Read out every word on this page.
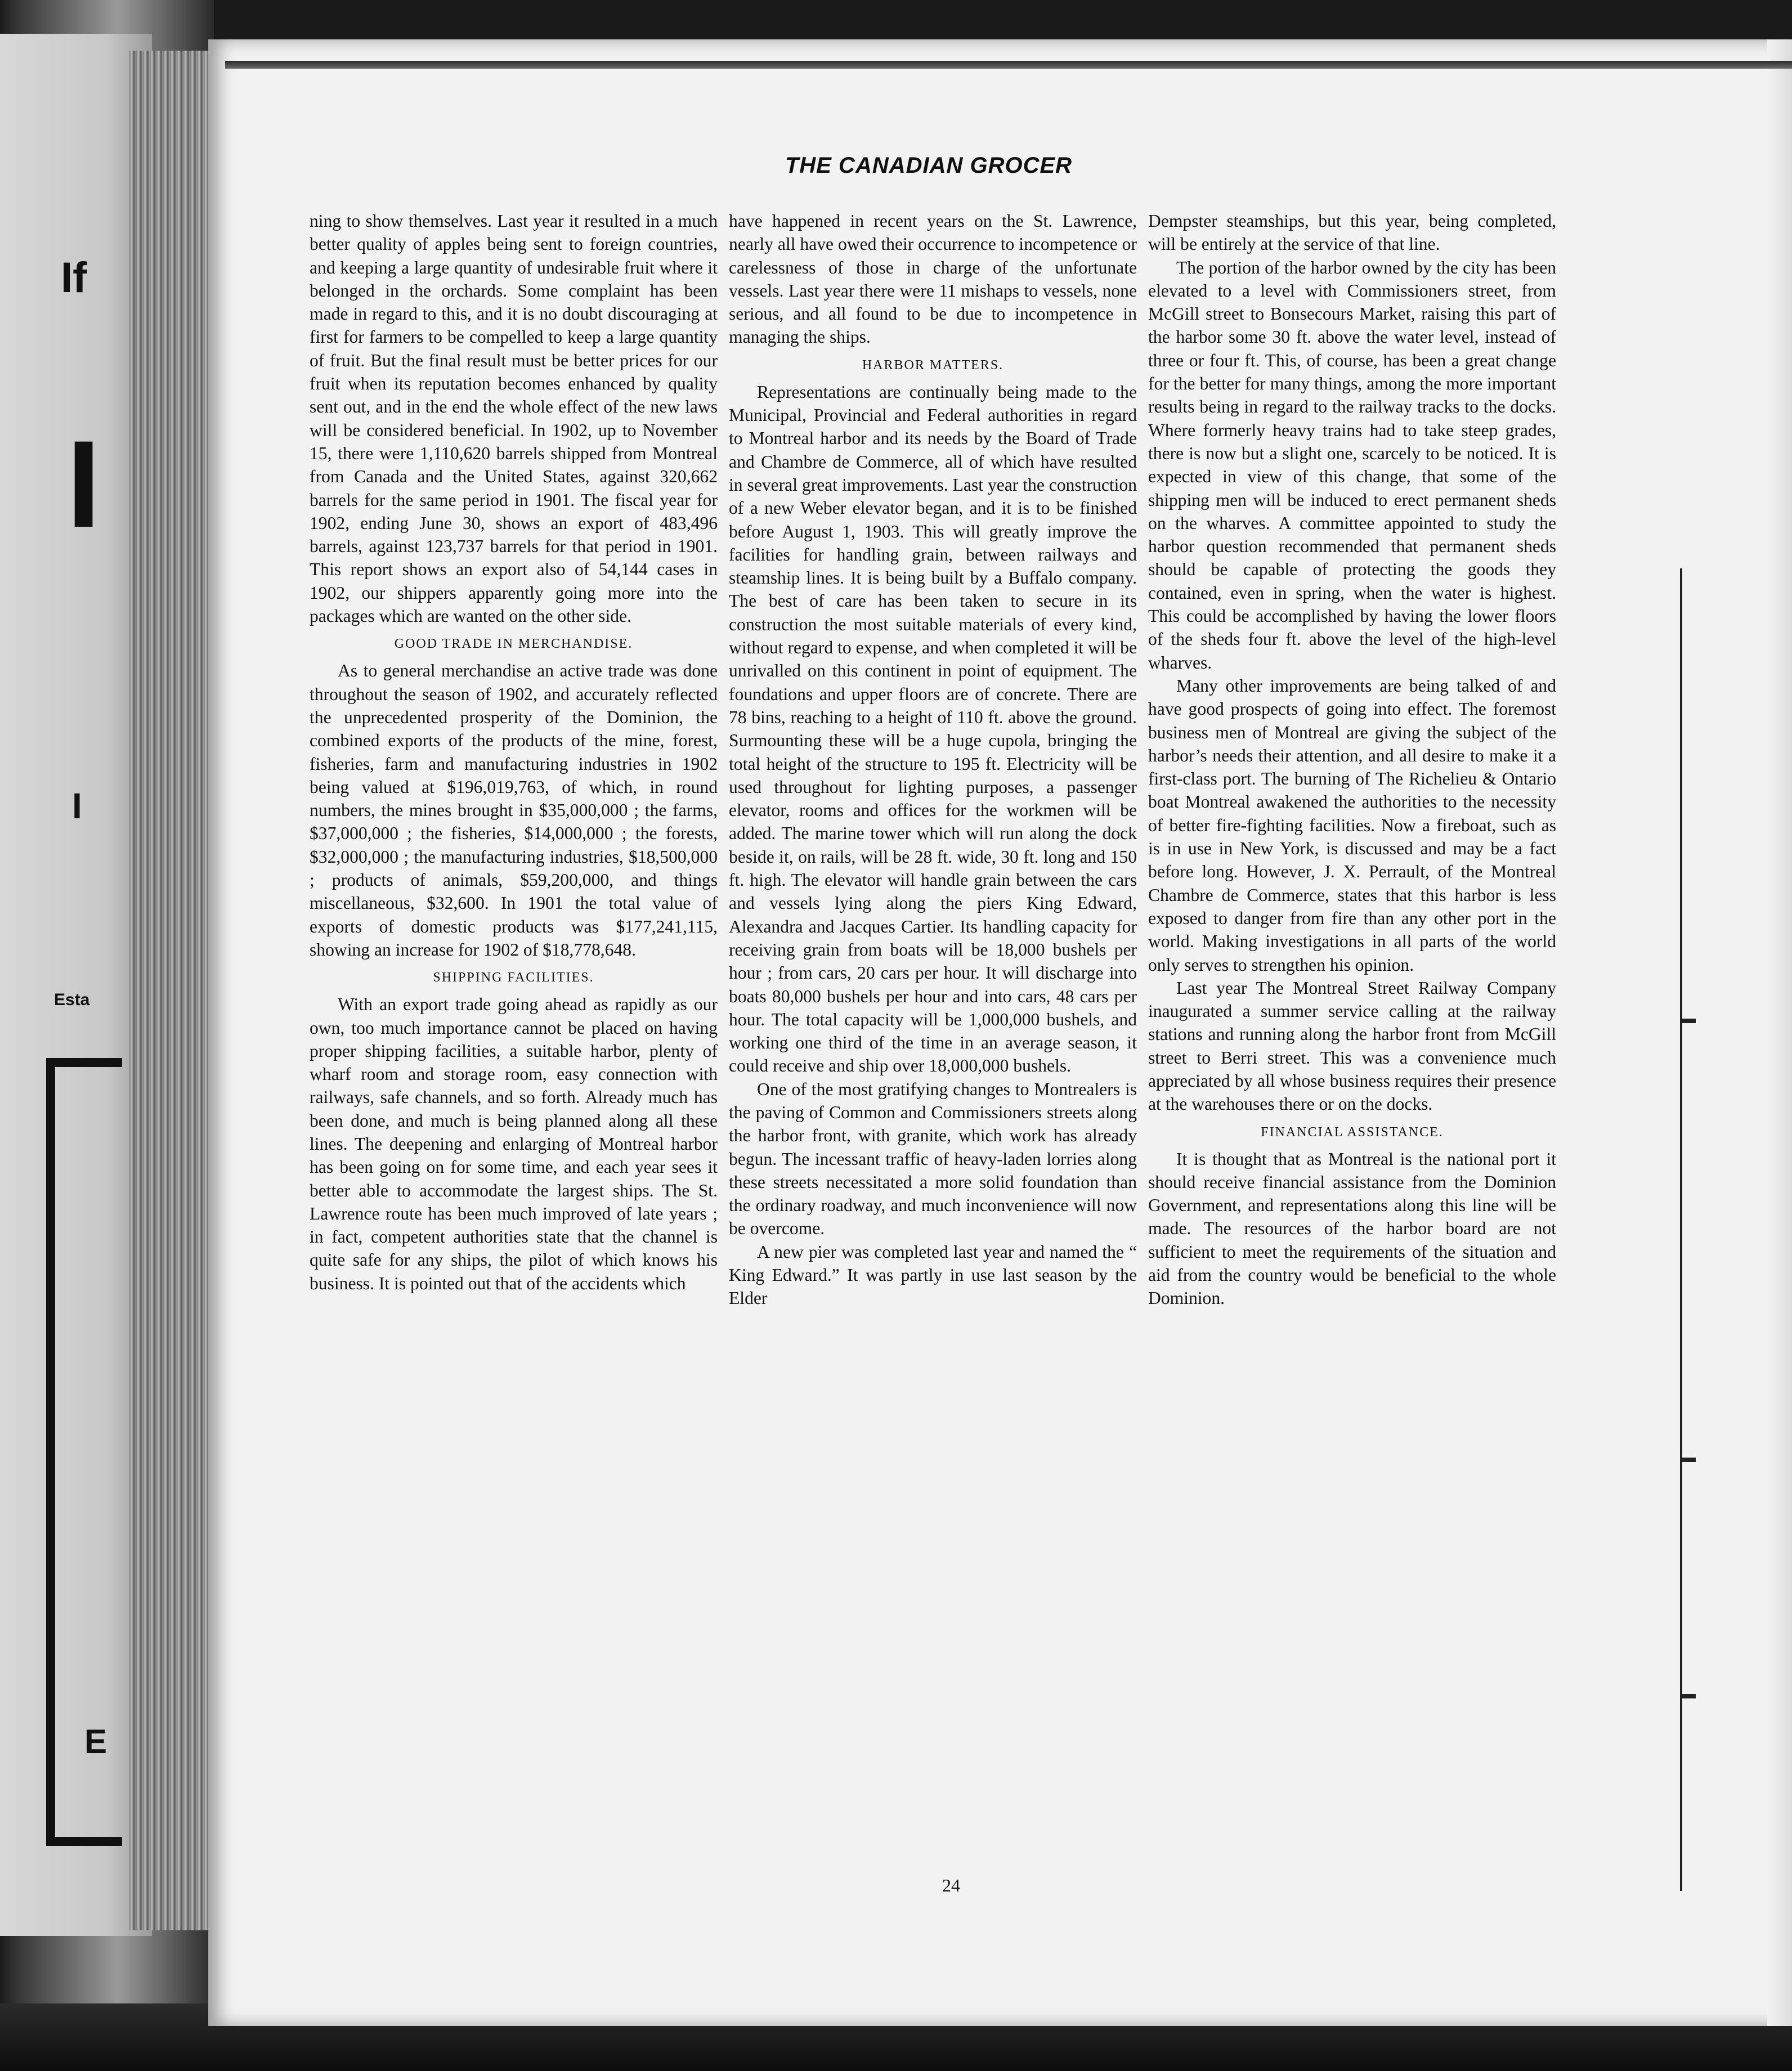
If
I
I
Esta
E
THE CANADIAN GROCER

ning to show themselves. Last year it resulted in a much better quality of apples being sent to foreign countries, and keeping a large quantity of undesirable fruit where it belonged in the orchards. Some complaint has been made in regard to this, and it is no doubt discouraging at first for farmers to be compelled to keep a large quantity of fruit. But the final result must be better prices for our fruit when its reputation becomes enhanced by quality sent out, and in the end the whole effect of the new laws will be considered beneficial. In 1902, up to November 15, there were 1,110,620 barrels shipped from Montreal from Canada and the United States, against 320,662 barrels for the same period in 1901. The fiscal year for 1902, ending June 30, shows an export of 483,496 barrels, against 123,737 barrels for that period in 1901. This report shows an export also of 54,144 cases in 1902, our shippers apparently going more into the packages which are wanted on the other side.

GOOD TRADE IN MERCHANDISE.

As to general merchandise an active trade was done throughout the season of 1902, and accurately reflected the unprecedented prosperity of the Dominion, the combined exports of the products of the mine, forest, fisheries, farm and manufacturing industries in 1902 being valued at $196,019,763, of which, in round numbers, the mines brought in $35,000,000 ; the farms, $37,000,000 ; the fisheries, $14,000,000 ; the forests, $32,000,000 ; the manufacturing industries, $18,500,000 ; products of animals, $59,200,000, and things miscellaneous, $32,600. In 1901 the total value of exports of domestic products was $177,241,115, showing an increase for 1902 of $18,778,648.

SHIPPING FACILITIES.

With an export trade going ahead as rapidly as our own, too much importance cannot be placed on having proper shipping facilities, a suitable harbor, plenty of wharf room and storage room, easy connection with railways, safe channels, and so forth. Already much has been done, and much is being planned along all these lines. The deepening and enlarging of Montreal harbor has been going on for some time, and each year sees it better able to accommodate the largest ships. The St. Lawrence route has been much improved of late years ; in fact, competent authorities state that the channel is quite safe for any ships, the pilot of which knows his business. It is pointed out that of the accidents which

have happened in recent years on the St. Lawrence, nearly all have owed their occurrence to incompetence or carelessness of those in charge of the unfortunate vessels. Last year there were 11 mishaps to vessels, none serious, and all found to be due to incompetence in managing the ships.

HARBOR MATTERS.

Representations are continually being made to the Municipal, Provincial and Federal authorities in regard to Montreal harbor and its needs by the Board of Trade and Chambre de Commerce, all of which have resulted in several great improvements. Last year the construction of a new Weber elevator began, and it is to be finished before August 1, 1903. This will greatly improve the facilities for handling grain, between railways and steamship lines. It is being built by a Buffalo company. The best of care has been taken to secure in its construction the most suitable materials of every kind, without regard to expense, and when completed it will be unrivalled on this continent in point of equipment. The foundations and upper floors are of concrete. There are 78 bins, reaching to a height of 110 ft. above the ground. Surmounting these will be a huge cupola, bringing the total height of the structure to 195 ft. Electricity will be used throughout for lighting purposes, a passenger elevator, rooms and offices for the workmen will be added. The marine tower which will run along the dock beside it, on rails, will be 28 ft. wide, 30 ft. long and 150 ft. high. The elevator will handle grain between the cars and vessels lying along the piers King Edward, Alexandra and Jacques Cartier. Its handling capacity for receiving grain from boats will be 18,000 bushels per hour ; from cars, 20 cars per hour. It will discharge into boats 80,000 bushels per hour and into cars, 48 cars per hour. The total capacity will be 1,000,000 bushels, and working one third of the time in an average season, it could receive and ship over 18,000,000 bushels.

One of the most gratifying changes to Montrealers is the paving of Common and Commissioners streets along the harbor front, with granite, which work has already begun. The incessant traffic of heavy-laden lorries along these streets necessitated a more solid foundation than the ordinary roadway, and much inconvenience will now be overcome.

A new pier was completed last year and named the “ King Edward.” It was partly in use last season by the Elder

Dempster steamships, but this year, being completed, will be entirely at the service of that line.

The portion of the harbor owned by the city has been elevated to a level with Commissioners street, from McGill street to Bonsecours Market, raising this part of the harbor some 30 ft. above the water level, instead of three or four ft. This, of course, has been a great change for the better for many things, among the more important results being in regard to the railway tracks to the docks. Where formerly heavy trains had to take steep grades, there is now but a slight one, scarcely to be noticed. It is expected in view of this change, that some of the shipping men will be induced to erect permanent sheds on the wharves. A committee appointed to study the harbor question recommended that permanent sheds should be capable of protecting the goods they contained, even in spring, when the water is highest. This could be accomplished by having the lower floors of the sheds four ft. above the level of the high-level wharves.

Many other improvements are being talked of and have good prospects of going into effect. The foremost business men of Montreal are giving the subject of the harbor’s needs their attention, and all desire to make it a first-class port. The burning of The Richelieu & Ontario boat Montreal awakened the authorities to the necessity of better fire-fighting facilities. Now a fireboat, such as is in use in New York, is discussed and may be a fact before long. However, J. X. Perrault, of the Montreal Chambre de Commerce, states that this harbor is less exposed to danger from fire than any other port in the world. Making investigations in all parts of the world only serves to strengthen his opinion.

Last year The Montreal Street Railway Company inaugurated a summer service calling at the railway stations and running along the harbor front from McGill street to Berri street. This was a convenience much appreciated by all whose business requires their presence at the warehouses there or on the docks.

FINANCIAL ASSISTANCE.

It is thought that as Montreal is the national port it should receive financial assistance from the Dominion Government, and representations along this line will be made. The resources of the harbor board are not sufficient to meet the requirements of the situation and aid from the country would be beneficial to the whole Dominion.

24
